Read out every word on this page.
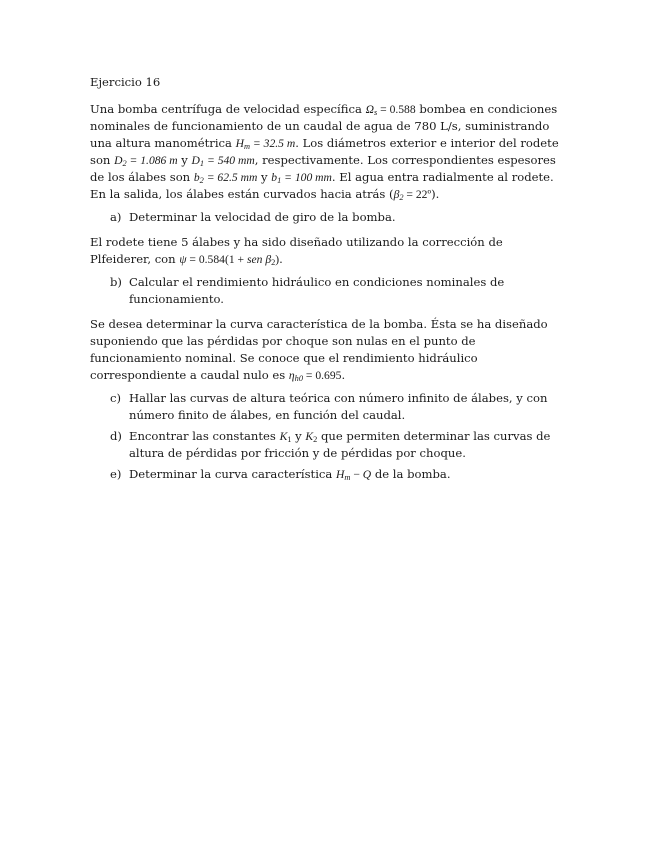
Ejercicio 16

Una bomba centrífuga de velocidad específica $\Omega_s = 0.588$ bombea en condiciones nominales de funcionamiento de un caudal de agua de 780 L/s, suministrando una altura manométrica $H_m = 32.5$ m. Los diámetros exterior e interior del rodete son $D_2 = 1.086$ m y $D_1 = 540$ mm, respectivamente. Los correspondientes espesores de los álabes son $b_2 = 62.5$ mm y $b_1 = 100$ mm. El agua entra radialmente al rodete. En la salida, los álabes están curvados hacia atrás ($\beta_2$ = 22º).

a) Determinar la velocidad de giro de la bomba.

El rodete tiene 5 álabes y ha sido diseñado utilizando la corrección de Plfeiderer, con ψ = 0.584(1 + sen $\beta_2$).

b) Calcular el rendimiento hidráulico en condiciones nominales de funcionamiento.

Se desea determinar la curva característica de la bomba. Ésta se ha diseñado suponiendo que las pérdidas por choque son nulas en el punto de funcionamiento nominal. Se conoce que el rendimiento hidráulico correspondiente a caudal nulo es $\eta_{h0} = 0.695$.

c) Hallar las curvas de altura teórica con número infinito de álabes, y con número finito de álabes, en función del caudal.
d) Encontrar las constantes $K_1$ y $K_2$ que permiten determinar las curvas de altura de pérdidas por fricción y de pérdidas por choque.
e) Determinar la curva característica $H_m - Q$ de la bomba.
